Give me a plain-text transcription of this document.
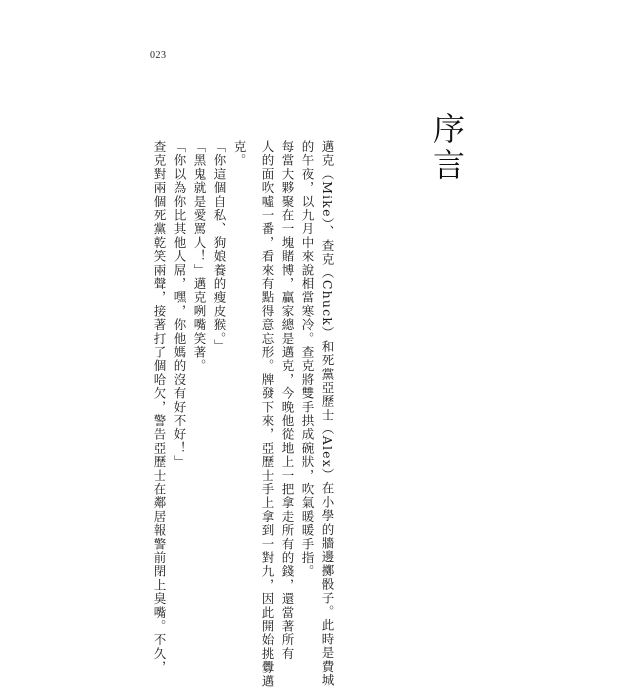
023
序言
邁克（Mike）、查克（Chuck）和死黨亞歷士（Alex）在小學的牆邊擲骰子。此時是費城
的午夜，以九月中來說相當寒冷。查克將雙手拱成碗狀，吹氣暖暖手指。
每當大夥聚在一塊賭博，贏家總是邁克，今晚他從地上一把拿走所有的錢，還當著所有
人的面吹噓一番，看來有點得意忘形。牌發下來，亞歷士手上拿到一對九，因此開始挑釁邁
克。
「你這個自私、狗娘養的瘦皮猴。」
「黑鬼就是愛罵人！」邁克咧嘴笑著。
「你以為你比其他人屌，嘿，你他媽的沒有好不好！」
查克對兩個死黨乾笑兩聲，接著打了個哈欠，警告亞歷士在鄰居報警前閉上臭嘴。不久，
